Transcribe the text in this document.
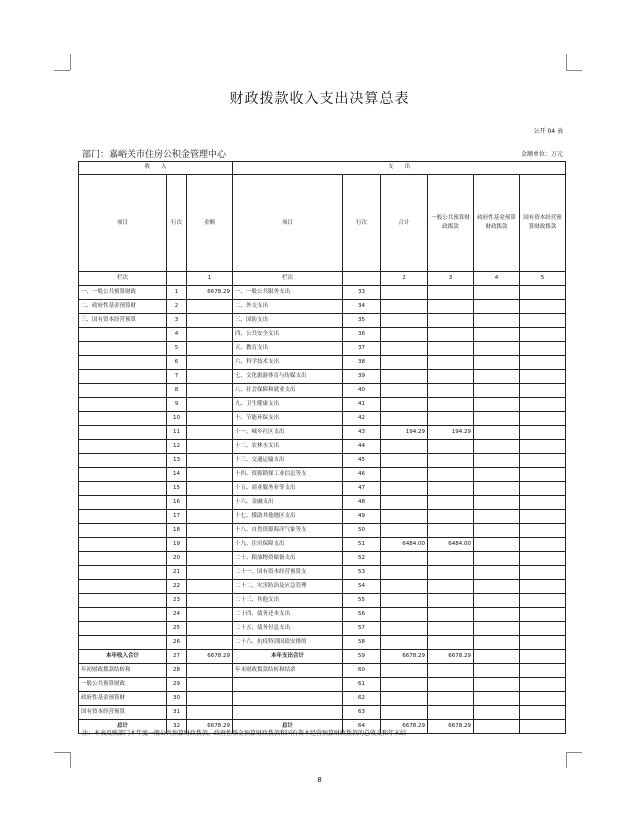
财政拨款收入支出决算总表
公开 04 表
部门：嘉峪关市住房公积金管理中心	金额单位：万元
收　　入			支　　出					
项目	行次	金额	项目	行次	合计	一般公共预算财政拨款	政府性基金预算财政拨款	国有资本经营预算财政拨款
栏次		1	栏次		2	3	4	5
一、一般公共预算财政	1	6678.29	一、一般公共服务支出	33				
二、政府性基金预算财	2		二、外交支出	34				
三、国有资本经营预算	3		三、国防支出	35				
	4		四、公共安全支出	36				
	5		五、教育支出	37				
	6		六、科学技术支出	38				
	7		七、文化旅游体育与传媒支出	39				
	8		八、社会保障和就业支出	40				
	9		九、卫生健康支出	41				
	10		十、节能环保支出	42				
	11		十一、城乡社区支出	43	194.29	194.29		
	12		十二、农林水支出	44				
	13		十三、交通运输支出	45				
	14		十四、资源勘探工业信息等支	46				
	15		十五、商业服务业等支出	47				
	16		十六、金融支出	48				
	17		十七、援助其他地区支出	49				
	18		十八、自然资源海洋气象等支	50				
	19		十九、住房保障支出	51	6484.00	6484.00		
	20		二十、粮油物资储备支出	52				
	21		二十一、国有资本经营预算支	53				
	22		二十二、灾害防治及应急管理	54				
	23		二十三、其他支出	55				
	24		二十四、债务还本支出	56				
	25		二十五、债务付息支出	57				
	26		二十六、抗疫特别国债安排的	58				
本年收入合计	27	6678.29	本年支出合计	59	6678.29	6678.29		
年初财政拨款结转和	28		年末财政拨款结转和结余	60				
一般公共预算财政	29			61				
政府性基金预算财	30			62				
国有资本经营预算	31			63				
总计	32	6678.29	总计	64	6678.29	6678.29		
注：本表反映部门本年度一般公共预算财政拨款、政府性基金预算财政拨款和国有资本经营预算财政拨款的总收支和年末结
8
